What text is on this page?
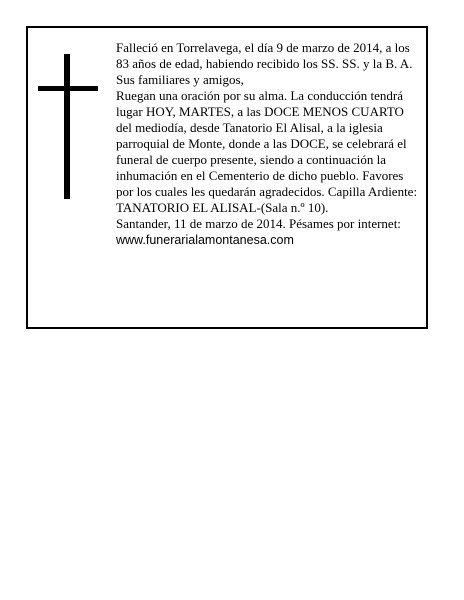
Falleció en Torrelavega, el día 9 de marzo de 2014, a los 83 años de edad, habiendo recibido los SS. SS. y la B. A.

Sus familiares y amigos,

Ruegan una oración por su alma. La conducción tendrá lugar HOY, MARTES, a las DOCE MENOS CUARTO del mediodía, desde Tanatorio El Alisal, a la iglesia parroquial de Monte, donde a las DOCE, se celebrará el funeral de cuerpo presente, siendo a continuación la inhumación en el Cementerio de dicho pueblo. Favores por los cuales les quedarán agradecidos. Capilla Ardiente: TANATORIO EL ALISAL-(Sala n.º 10).

Santander, 11 de marzo de 2014. Pésames por internet:

www.funerarialamontanesa.com
